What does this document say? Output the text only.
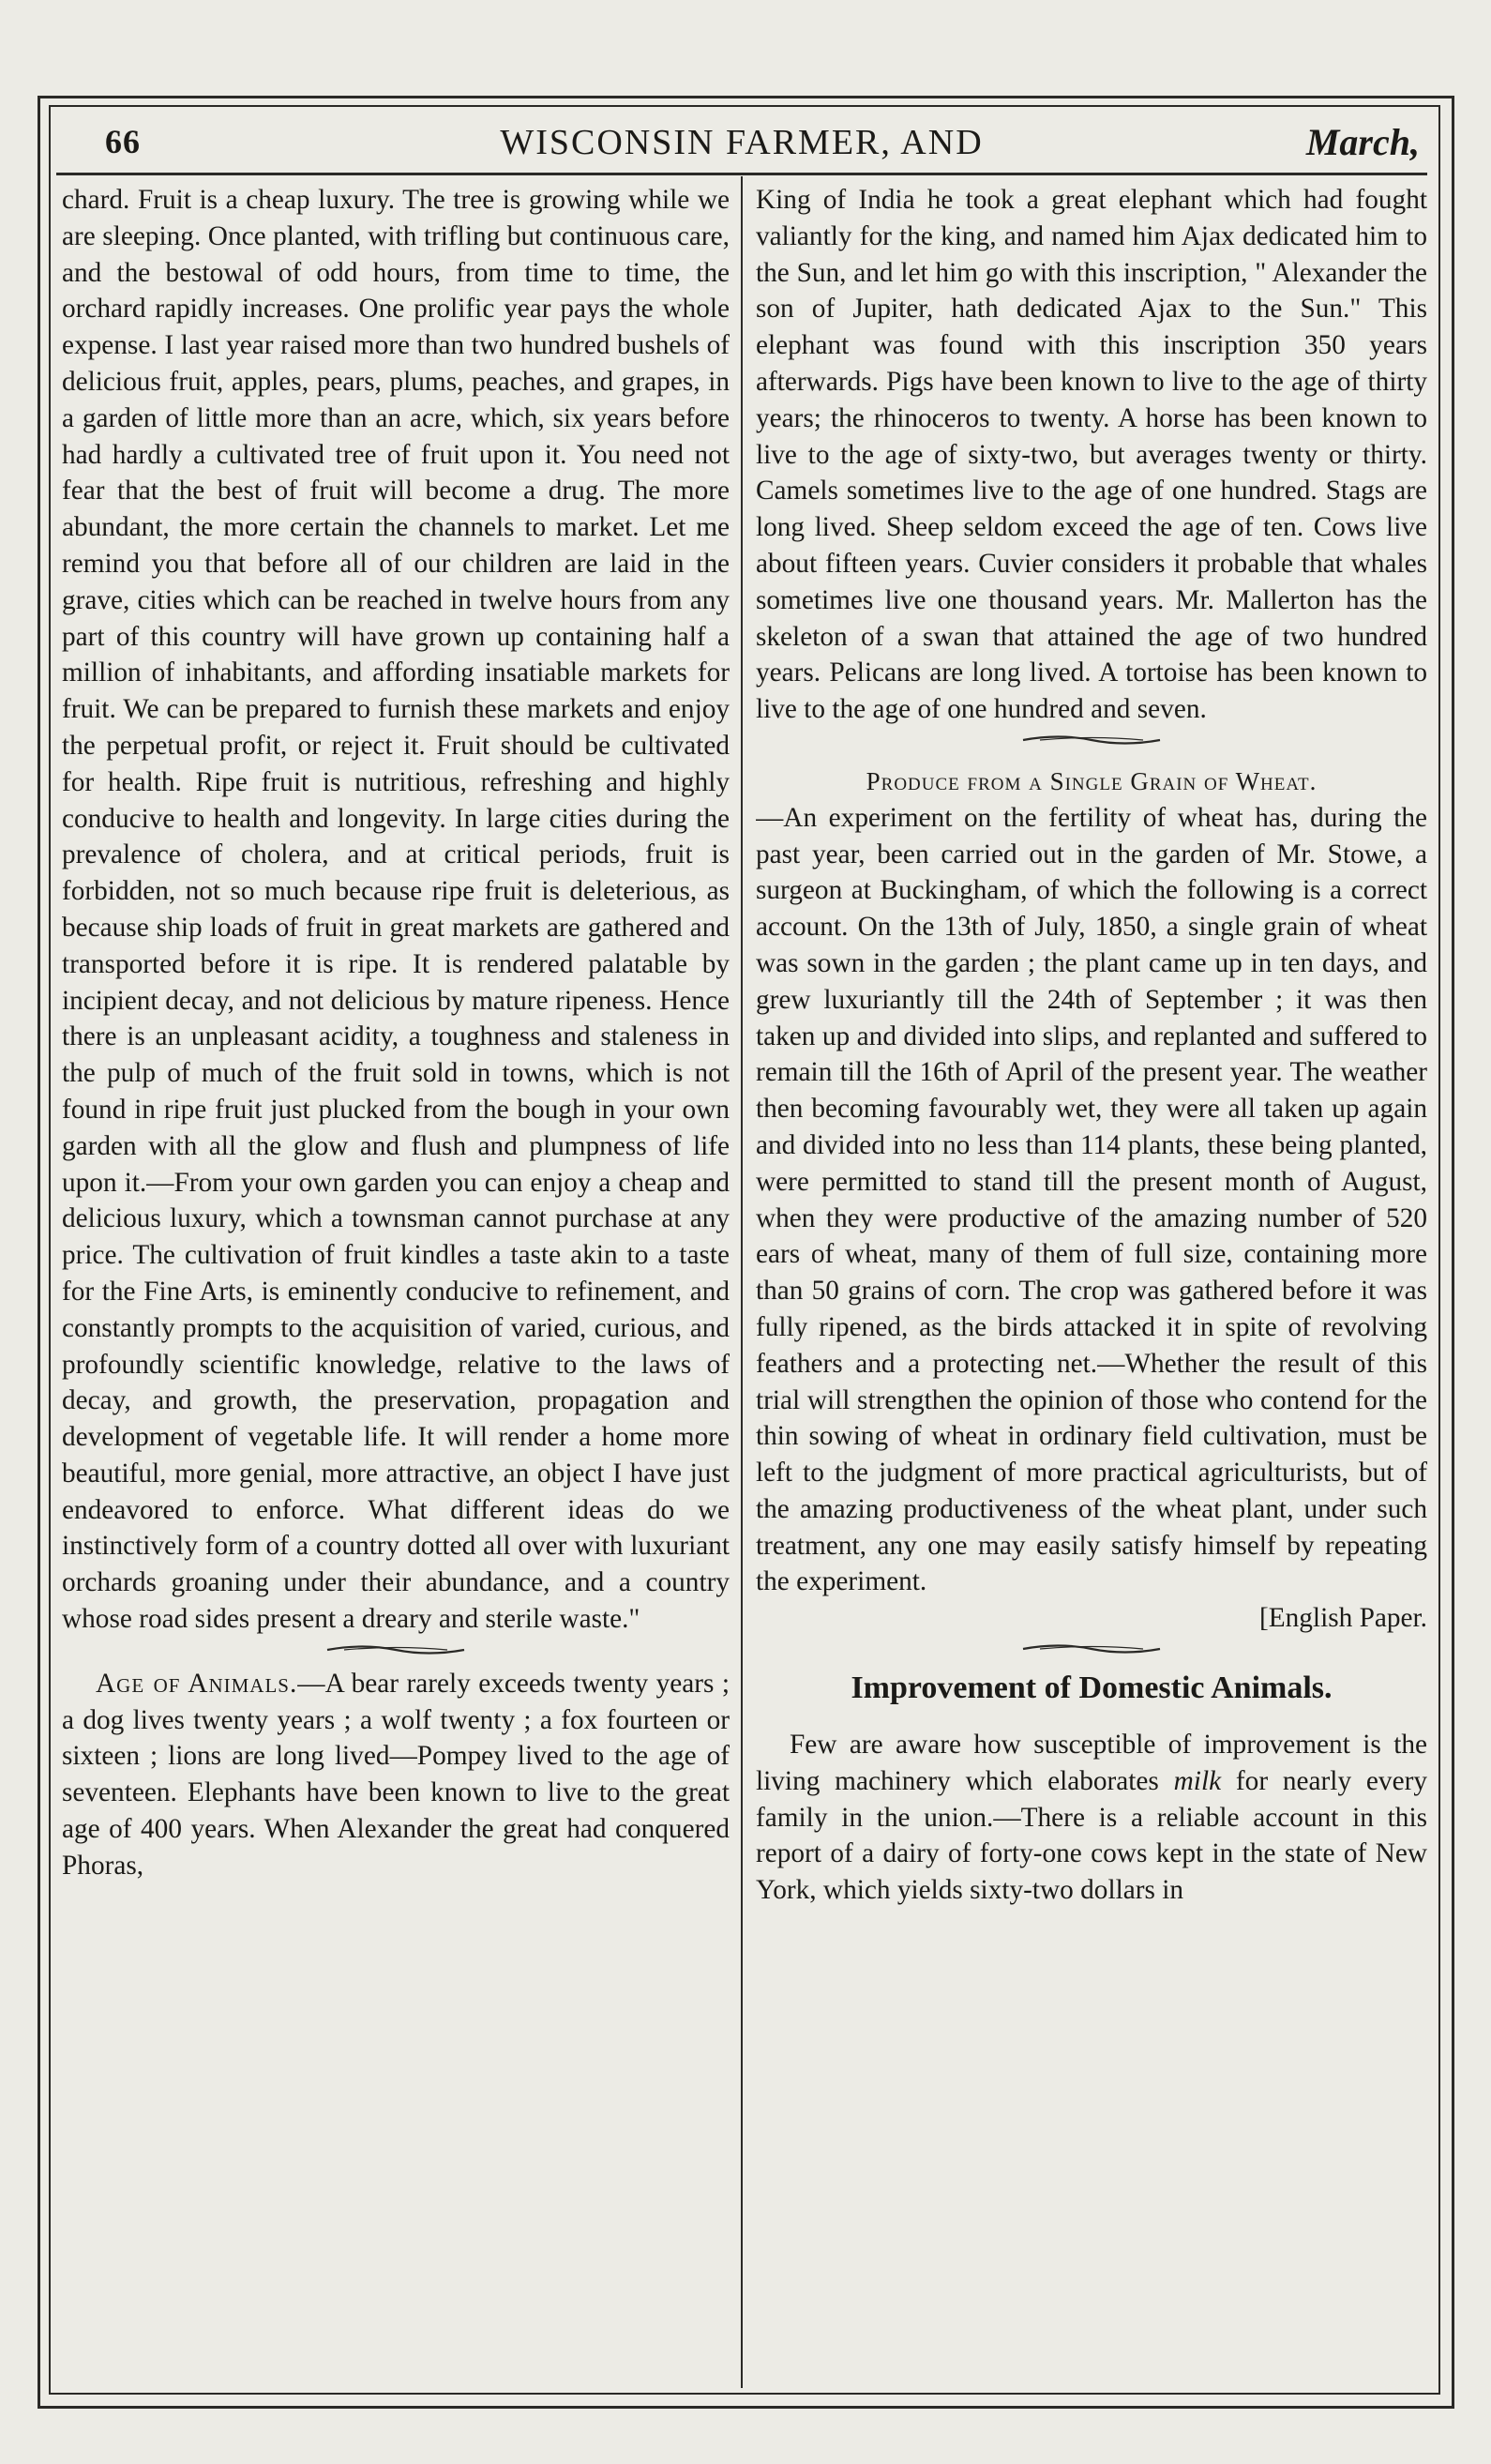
66	WISCONSIN FARMER, AND	March,

chard. Fruit is a cheap luxury. The tree is growing while we are sleeping. Once planted, with trifling but continuous care, and the bestowal of odd hours, from time to time, the orchard rapidly increases. One prolific year pays the whole expense. I last year raised more than two hundred bushels of delicious fruit, apples, pears, plums, peaches, and grapes, in a garden of little more than an acre, which, six years before had hardly a cultivated tree of fruit upon it. You need not fear that the best of fruit will become a drug. The more abundant, the more certain the channels to market. Let me remind you that before all of our children are laid in the grave, cities which can be reached in twelve hours from any part of this country will have grown up containing half a million of inhabitants, and affording insatiable markets for fruit. We can be prepared to furnish these markets and enjoy the perpetual profit, or reject it. Fruit should be cultivated for health. Ripe fruit is nutritious, refreshing and highly conducive to health and longevity. In large cities during the prevalence of cholera, and at critical periods, fruit is forbidden, not so much because ripe fruit is deleterious, as because ship loads of fruit in great markets are gathered and transported before it is ripe. It is rendered palatable by incipient decay, and not delicious by mature ripeness. Hence there is an unpleasant acidity, a toughness and staleness in the pulp of much of the fruit sold in towns, which is not found in ripe fruit just plucked from the bough in your own garden with all the glow and flush and plumpness of life upon it.—From your own garden you can enjoy a cheap and delicious luxury, which a townsman cannot purchase at any price. The cultivation of fruit kindles a taste akin to a taste for the Fine Arts, is eminently conducive to refinement, and constantly prompts to the acquisition of varied, curious, and profoundly scientific knowledge, relative to the laws of decay, and growth, the preservation, propagation and development of vegetable life. It will render a home more beautiful, more genial, more attractive, an object I have just endeavored to enforce. What different ideas do we instinctively form of a country dotted all over with luxuriant orchards groaning under their abundance, and a country whose road sides present a dreary and sterile waste."

Age of Animals.—A bear rarely exceeds twenty years ; a dog lives twenty years ; a wolf twenty ; a fox fourteen or sixteen ; lions are long lived—Pompey lived to the age of seventeen. Elephants have been known to live to the great age of 400 years. When Alexander the great had conquered Phoras,

King of India he took a great elephant which had fought valiantly for the king, and named him Ajax dedicated him to the Sun, and let him go with this inscription, " Alexander the son of Jupiter, hath dedicated Ajax to the Sun." This elephant was found with this inscription 350 years afterwards. Pigs have been known to live to the age of thirty years; the rhinoceros to twenty. A horse has been known to live to the age of sixty-two, but averages twenty or thirty. Camels sometimes live to the age of one hundred. Stags are long lived. Sheep seldom exceed the age of ten. Cows live about fifteen years. Cuvier considers it probable that whales sometimes live one thousand years. Mr. Mallerton has the skeleton of a swan that attained the age of two hundred years. Pelicans are long lived. A tortoise has been known to live to the age of one hundred and seven.

Produce from a Single Grain of Wheat.

—An experiment on the fertility of wheat has, during the past year, been carried out in the garden of Mr. Stowe, a surgeon at Buckingham, of which the following is a correct account. On the 13th of July, 1850, a single grain of wheat was sown in the garden ; the plant came up in ten days, and grew luxuriantly till the 24th of September ; it was then taken up and divided into slips, and replanted and suffered to remain till the 16th of April of the present year. The weather then becoming favourably wet, they were all taken up again and divided into no less than 114 plants, these being planted, were permitted to stand till the present month of August, when they were productive of the amazing number of 520 ears of wheat, many of them of full size, containing more than 50 grains of corn. The crop was gathered before it was fully ripened, as the birds attacked it in spite of revolving feathers and a protecting net.—Whether the result of this trial will strengthen the opinion of those who contend for the thin sowing of wheat in ordinary field cultivation, must be left to the judgment of more practical agriculturists, but of the amazing productiveness of the wheat plant, under such treatment, any one may easily satisfy himself by repeating the experiment.

[English Paper.

Improvement of Domestic Animals.

Few are aware how susceptible of improvement is the living machinery which elaborates milk for nearly every family in the union.—There is a reliable account in this report of a dairy of forty-one cows kept in the state of New York, which yields sixty-two dollars in
